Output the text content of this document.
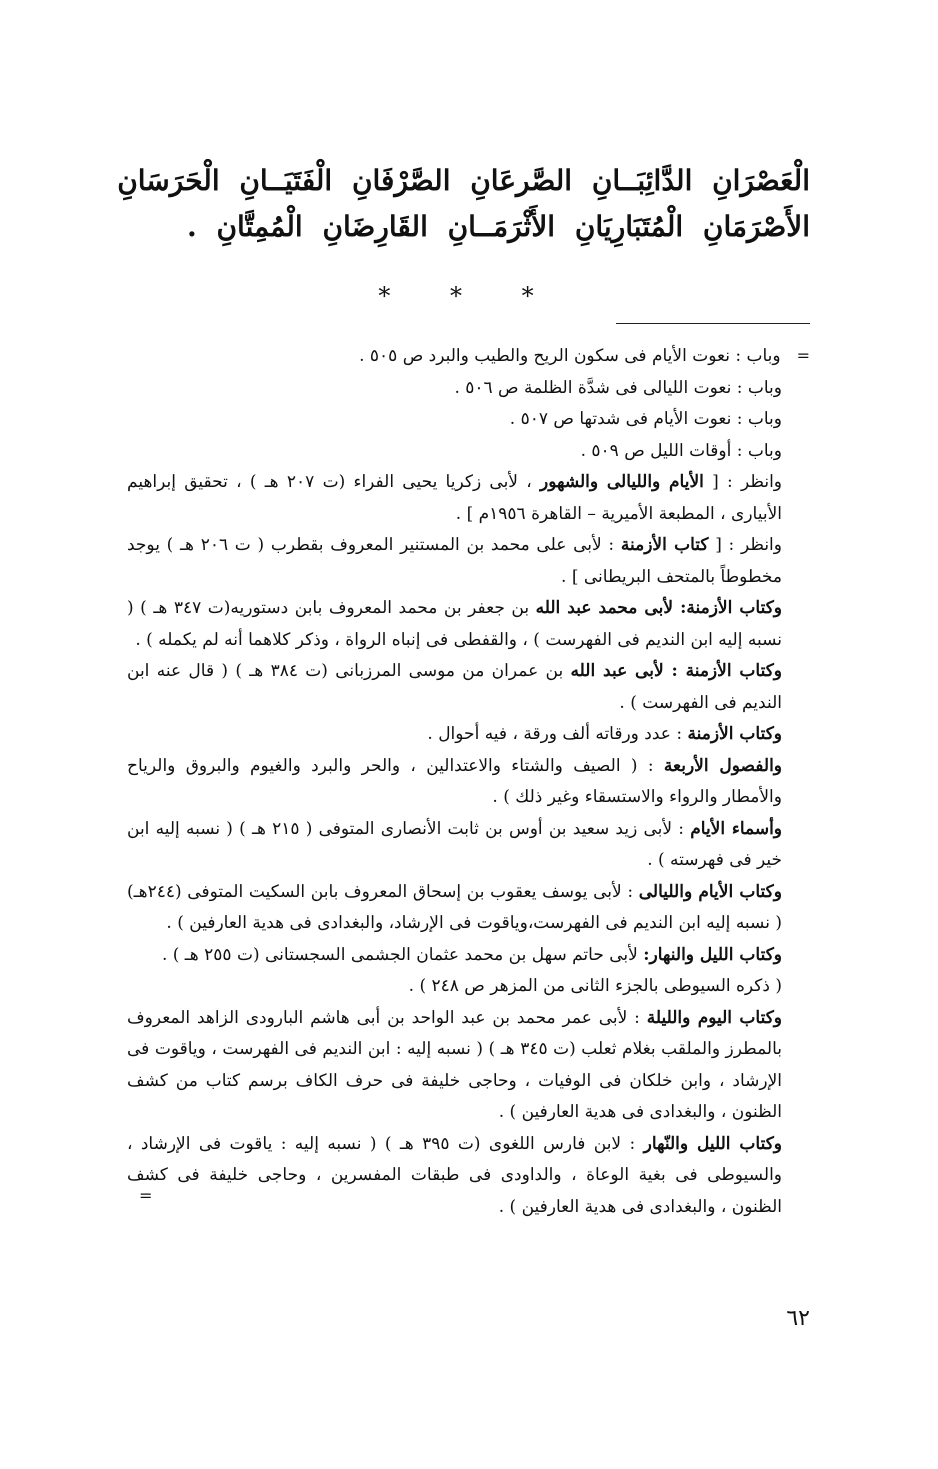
الْعَصْرَانِ الدَّائِبَــانِ الصَّرعَانِ الصَّرْفَانِ الْفَتَيَــانِ الْحَرَسَانِ

الأَصْرَمَانِ الْمُتَبَارِيَانِ الأَثْرَمَــانِ القَارِضَانِ الْمُمِتَّانِ .

* * *

= وباب : نعوت الأيام فى سكون الريح والطيب والبرد ص ٥٠٥ .

وباب : نعوت الليالى فى شدَّة الظلمة ص ٥٠٦ .

وباب : نعوت الأيام فى شدتها ص ٥٠٧ .

وباب : أوقات الليل ص ٥٠٩ .

وانظر : [ الأيام والليالى والشهور ، لأبى زكريا يحيى الفراء (ت ٢٠٧ هـ ) ، تحقيق إبراهيم الأبيارى ، المطبعة الأميرية – القاهرة ١٩٥٦م ] .

وانظر : [ كتاب الأزمنة : لأبى على محمد بن المستنير المعروف بقطرب ( ت ٢٠٦ هـ ) يوجد مخطوطاً بالمتحف البريطانى ] .

وكتاب الأزمنة: لأبى محمد عبد الله بن جعفر بن محمد المعروف بابن دستوريه(ت ٣٤٧ هـ ) ( نسبه إليه ابن النديم فى الفهرست ) ، والقفطى فى إنباه الرواة ، وذكر كلاهما أنه لم يكمله ) .

وكتاب الأزمنة : لأبى عبد الله بن عمران من موسى المرزبانى (ت ٣٨٤ هـ ) ( قال عنه ابن النديم فى الفهرست ) .

وكتاب الأزمنة : عدد ورقاته ألف ورقة ، فيه أحوال .

والفصول الأربعة : ( الصيف والشتاء والاعتدالين ، والحر والبرد والغيوم والبروق والرياح والأمطار والرواء والاستسقاء وغير ذلك ) .

وأسماء الأيام : لأبى زيد سعيد بن أوس بن ثابت الأنصارى المتوفى ( ٢١٥ هـ ) ( نسبه إليه ابن خير فى فهرسته ) .

وكتاب الأيام والليالى : لأبى يوسف يعقوب بن إسحاق المعروف بابن السكيت المتوفى (٢٤٤هـ) ( نسبه إليه ابن النديم فى الفهرست،وياقوت فى الإرشاد، والبغدادى فى هدية العارفين ) .

وكتاب الليل والنهار: لأبى حاتم سهل بن محمد عثمان الجشمى السجستانى (ت ٢٥٥ هـ ) .

( ذكره السيوطى بالجزء الثانى من المزهر ص ٢٤٨ ) .

وكتاب اليوم والليلة : لأبى عمر محمد بن عبد الواحد بن أبى هاشم البارودى الزاهد المعروف بالمطرز والملقب بغلام ثعلب (ت ٣٤٥ هـ ) ( نسبه إليه : ابن النديم فى الفهرست ، وياقوت فى الإرشاد ، وابن خلكان فى الوفيات ، وحاجى خليفة فى حرف الكاف برسم كتاب من كشف الظنون ، والبغدادى فى هدية العارفين ) .

وكتاب الليل والنّهار : لابن فارس اللغوى (ت ٣٩٥ هـ ) ( نسبه إليه : ياقوت فى الإرشاد ، والسيوطى فى بغية الوعاة ، والداودى فى طبقات المفسرين ، وحاجى خليفة فى كشف الظنون ، والبغدادى فى هدية العارفين ) .

=
٦٢
